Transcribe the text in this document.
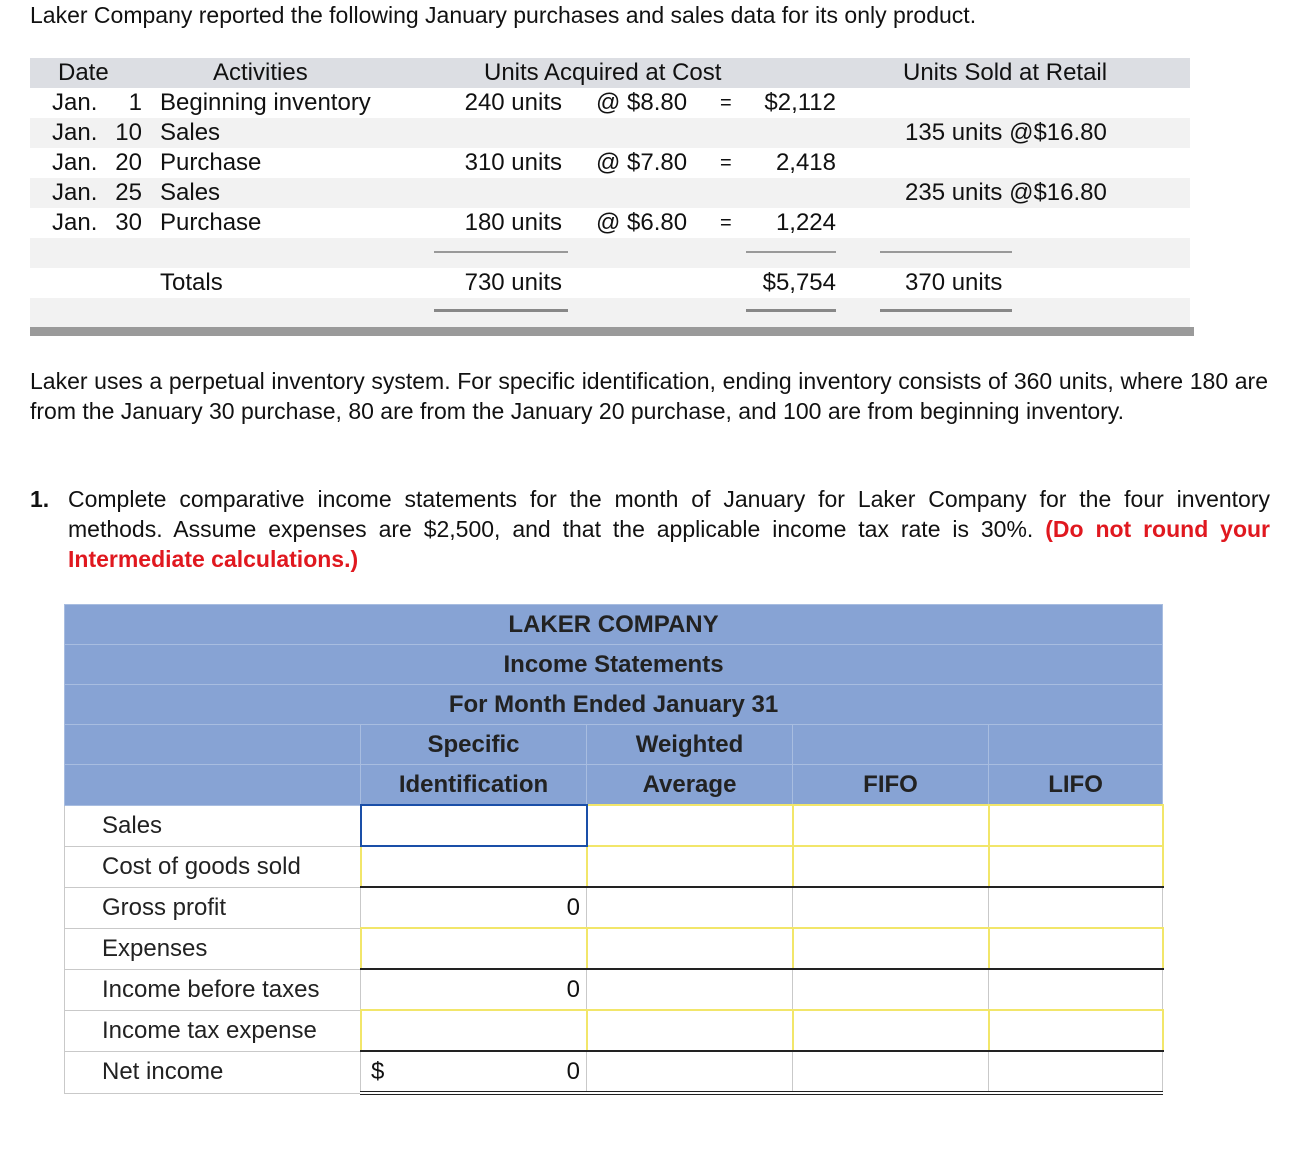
Laker Company reported the following January purchases and sales data for its only product.
Date	Activities	Units Acquired at Cost	Units Sold at Retail
Jan.	1 Beginning inventory	240 units @ $8.80 =	$2,112
Jan. 10 Sales	135 units @$16.80
Jan. 20 Purchase	310 units @ $7.80 =	2,418
Jan. 25 Sales	235 units @$16.80
Jan. 30 Purchase	180 units @ $6.80 =	1,224
Totals	730 units	$5,754	370 units
Laker uses a perpetual inventory system. For specific identification, ending inventory consists of 360 units, where 180 are from the January 30 purchase, 80 are from the January 20 purchase, and 100 are from beginning inventory.
1. Complete comparative income statements for the month of January for Laker Company for the four inventory methods. Assume expenses are $2,500, and that the applicable income tax rate is 30%. (Do not round your Intermediate calculations.)
LAKER COMPANY				
Income Statements				
For Month Ended January 31				
	Specific	Weighted		
	Identification	Average	FIFO	LIFO
Sales				
Cost of goods sold				
Gross profit	0			
Expenses				
Income before taxes	0			
Income tax expense				
Net income	$ 0			
